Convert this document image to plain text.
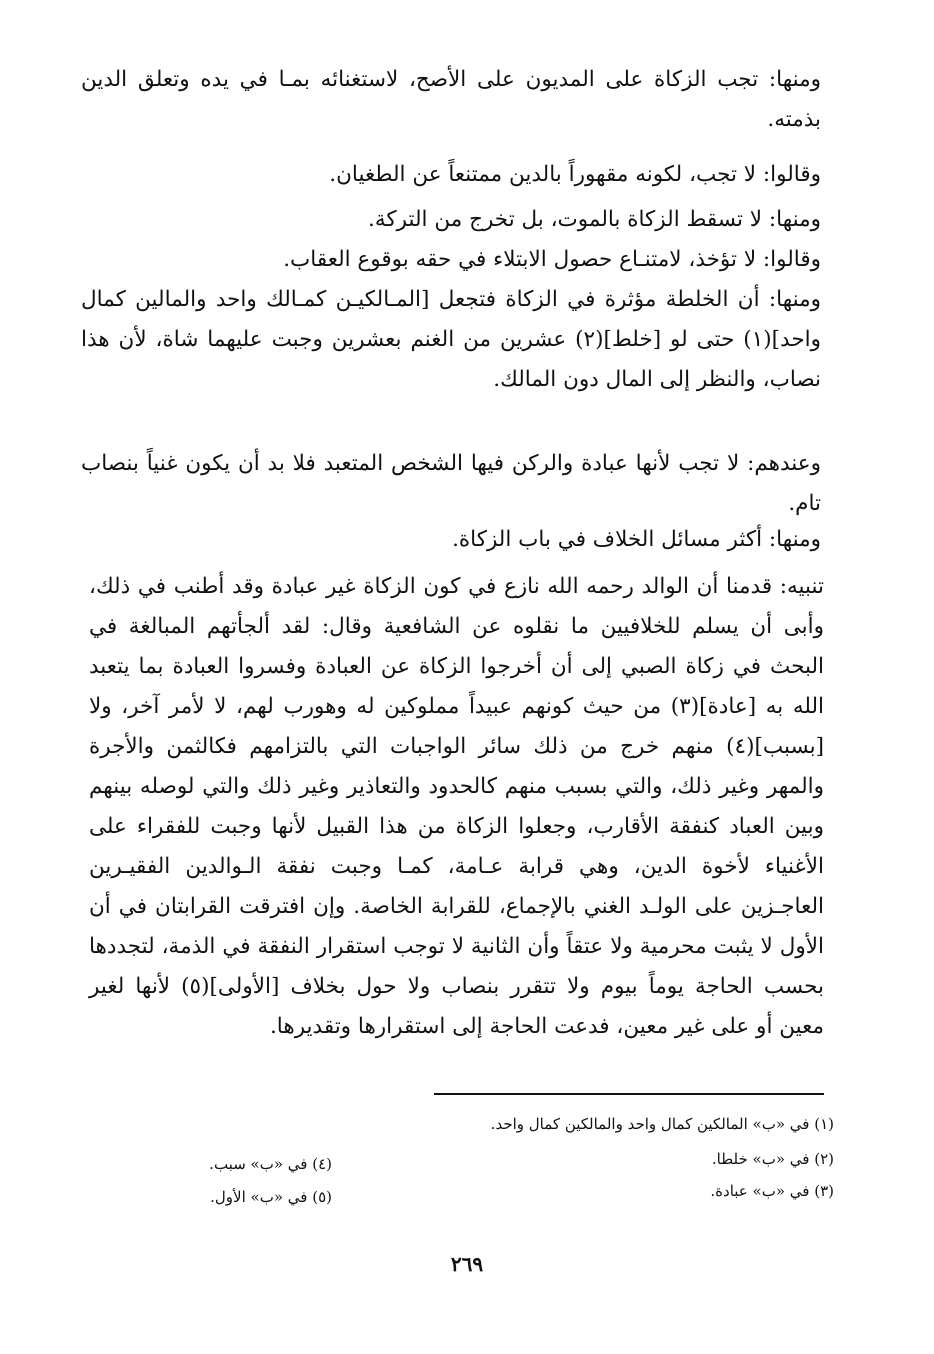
ومنها: تجب الزكاة على المديون على الأصح، لاستغنائه بمـا في يده وتعلق الدين بذمته.
وقالوا: لا تجب، لكونه مقهوراً بالدين ممتنعاً عن الطغيان.
ومنها: لا تسقط الزكاة بالموت، بل تخرج من التركة.
وقالوا: لا تؤخذ، لامتنـاع حصول الابتلاء في حقه بوقوع العقاب.
ومنها: أن الخلطة مؤثرة في الزكاة فتجعل [المـالكيـن كمـالك واحد والمالين كمال واحد](١) حتى لو [خلط](٢) عشرين من الغنم بعشرين وجبت عليهما شاة، لأن هذا نصاب، والنظر إلى المال دون المالك.
وعندهم: لا تجب لأنها عبادة والركن فيها الشخص المتعبد فلا بد أن يكون غنياً بنصاب تام.
ومنها: أكثر مسائل الخلاف في باب الزكاة.
تنبيه: قدمنا أن الوالد رحمه الله نازع في كون الزكاة غير عبادة وقد أطنب في ذلك، وأبى أن يسلم للخلافيين ما نقلوه عن الشافعية وقال: لقد ألجأتهم المبالغة في البحث في زكاة الصبي إلى أن أخرجوا الزكاة عن العبادة وفسروا العبادة بما يتعبد الله به [عادة](٣) من حيث كونهم عبيداً مملوكين له وهورب لهم، لا لأمر آخر، ولا [بسبب](٤) منهم خرج من ذلك سائر الواجبات التي بالتزامهم فكالثمن والأجرة والمهر وغير ذلك، والتي بسبب منهم كالحدود والتعاذير وغير ذلك والتي لوصله بينهم وبين العباد كنفقة الأقارب، وجعلوا الزكاة من هذا القبيل لأنها وجبت للفقراء على الأغنياء لأخوة الدين، وهي قرابة عـامة، كمـا وجبت نفقة الـوالدين الفقيـرين العاجـزين على الولـد الغني بالإجماع، للقرابة الخاصة. وإن افترقت القرابتان في أن الأول لا يثبت محرمية ولا عتقاً وأن الثانية لا توجب استقرار النفقة في الذمة، لتجددها بحسب الحاجة يوماً بيوم ولا تتقرر بنصاب ولا حول بخلاف [الأولى](٥) لأنها لغير معين أو على غير معين، فدعت الحاجة إلى استقرارها وتقديرها.
(١) في «ب» المالكين كمال واحد والمالكين كمال واحد.
(٢) في «ب» خلطا.
(٣) في «ب» عبادة.
(٤) في «ب» سبب.
(٥) في «ب» الأول.
٢٦٩
